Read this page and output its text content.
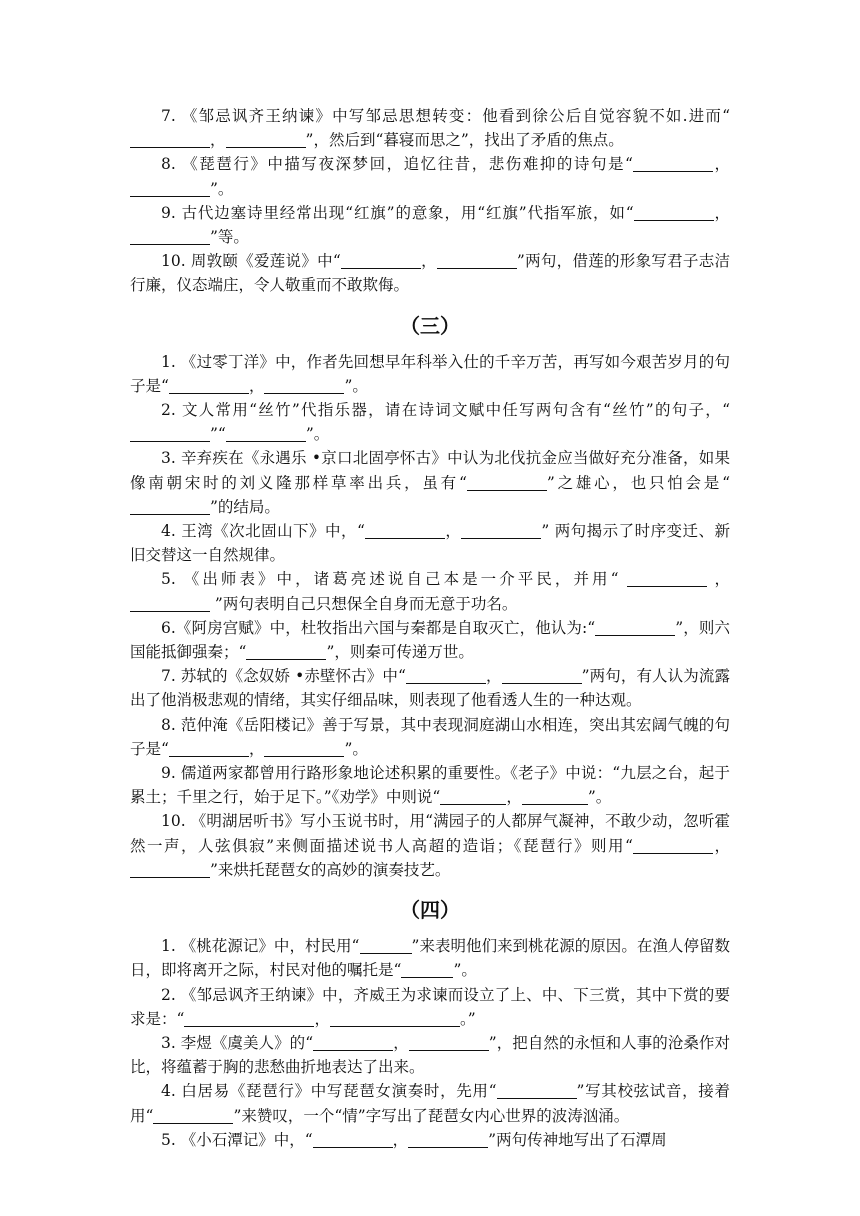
7. 《邹忌讽齐王纳谏》中写邹忌思想转变：他看到徐公后自觉容貌不如.进而“，	”，然后到“暮寝而思之”，找出了矛盾的焦点。

8. 《琵琶行》中描写夜深梦回，追忆往昔，悲伤难抑的诗句是“	，”。

9. 古代边塞诗里经常出现“红旗”的意象，用“红旗”代指军旅，如“	，”等。

10. 周敦颐《爱莲说》中“	，	”两句，借莲的形象写君子志洁行廉，仪态端庄，令人敬重而不敢欺侮。

（三）

1. 《过零丁洋》中，作者先回想早年科举入仕的千辛万苦，再写如今艰苦岁月的句子是“	，	”。

2. 文人常用“丝竹”代指乐器，请在诗词文赋中任写两句含有“丝竹”的句子，“”“	”。

3. 辛弃疾在《永遇乐 •京口北固亭怀古》中认为北伐抗金应当做好充分准备，如果像南朝宋时的刘义隆那样草率出兵，虽有“	”之雄心，也只怕会是“”的结局。

4. 王湾《次北固山下》中，“	，	” 两句揭示了时序变迁、新旧交替这一自然规律。

5. 《出师表》中，诸葛亮述说自己本是一介平民，并用“	， ”两句表明自己只想保全自身而无意于功名。

6.《阿房宫赋》中，杜牧指出六国与秦都是自取灭亡，他认为:“	”，则六国能抵御强秦；“	”，则秦可传递万世。

7. 苏轼的《念奴娇 •赤壁怀古》中“	，	”两句，有人认为流露出了他消极悲观的情绪，其实仔细品味，则表现了他看透人生的一种达观。

8. 范仲淹《岳阳楼记》善于写景，其中表现洞庭湖山水相连，突出其宏阔气魄的句子是“	，	”。

9. 儒道两家都曾用行路形象地论述积累的重要性。《老子》中说：“九层之台，起于累土；千里之行，始于足下。”《劝学》中则说“	，	”。

10. 《明湖居听书》写小玉说书时，用“满园子的人都屏气凝神，不敢少动，忽听霍然一声，人弦俱寂”来侧面描述说书人高超的造诣；《琵琶行》则用“	，”来烘托琵琶女的高妙的演奏技艺。

（四）

1. 《桃花源记》中，村民用“	”来表明他们来到桃花源的原因。在渔人停留数日，即将离开之际，村民对他的嘱托是“	”。

2. 《邹忌讽齐王纳谏》中，齐威王为求谏而设立了上、中、下三赏，其中下赏的要求是：“	，	。”

3. 李煜《虞美人》的“	，	”，把自然的永恒和人事的沧桑作对比，将蕴蓄于胸的悲愁曲折地表达了出来。

4. 白居易《琵琶行》中写琵琶女演奏时，先用“	”写其校弦试音，接着用“	”来赞叹，一个“情”字写出了琵琶女内心世界的波涛汹涌。

5. 《小石潭记》中，“	，	”两句传神地写出了石潭周
